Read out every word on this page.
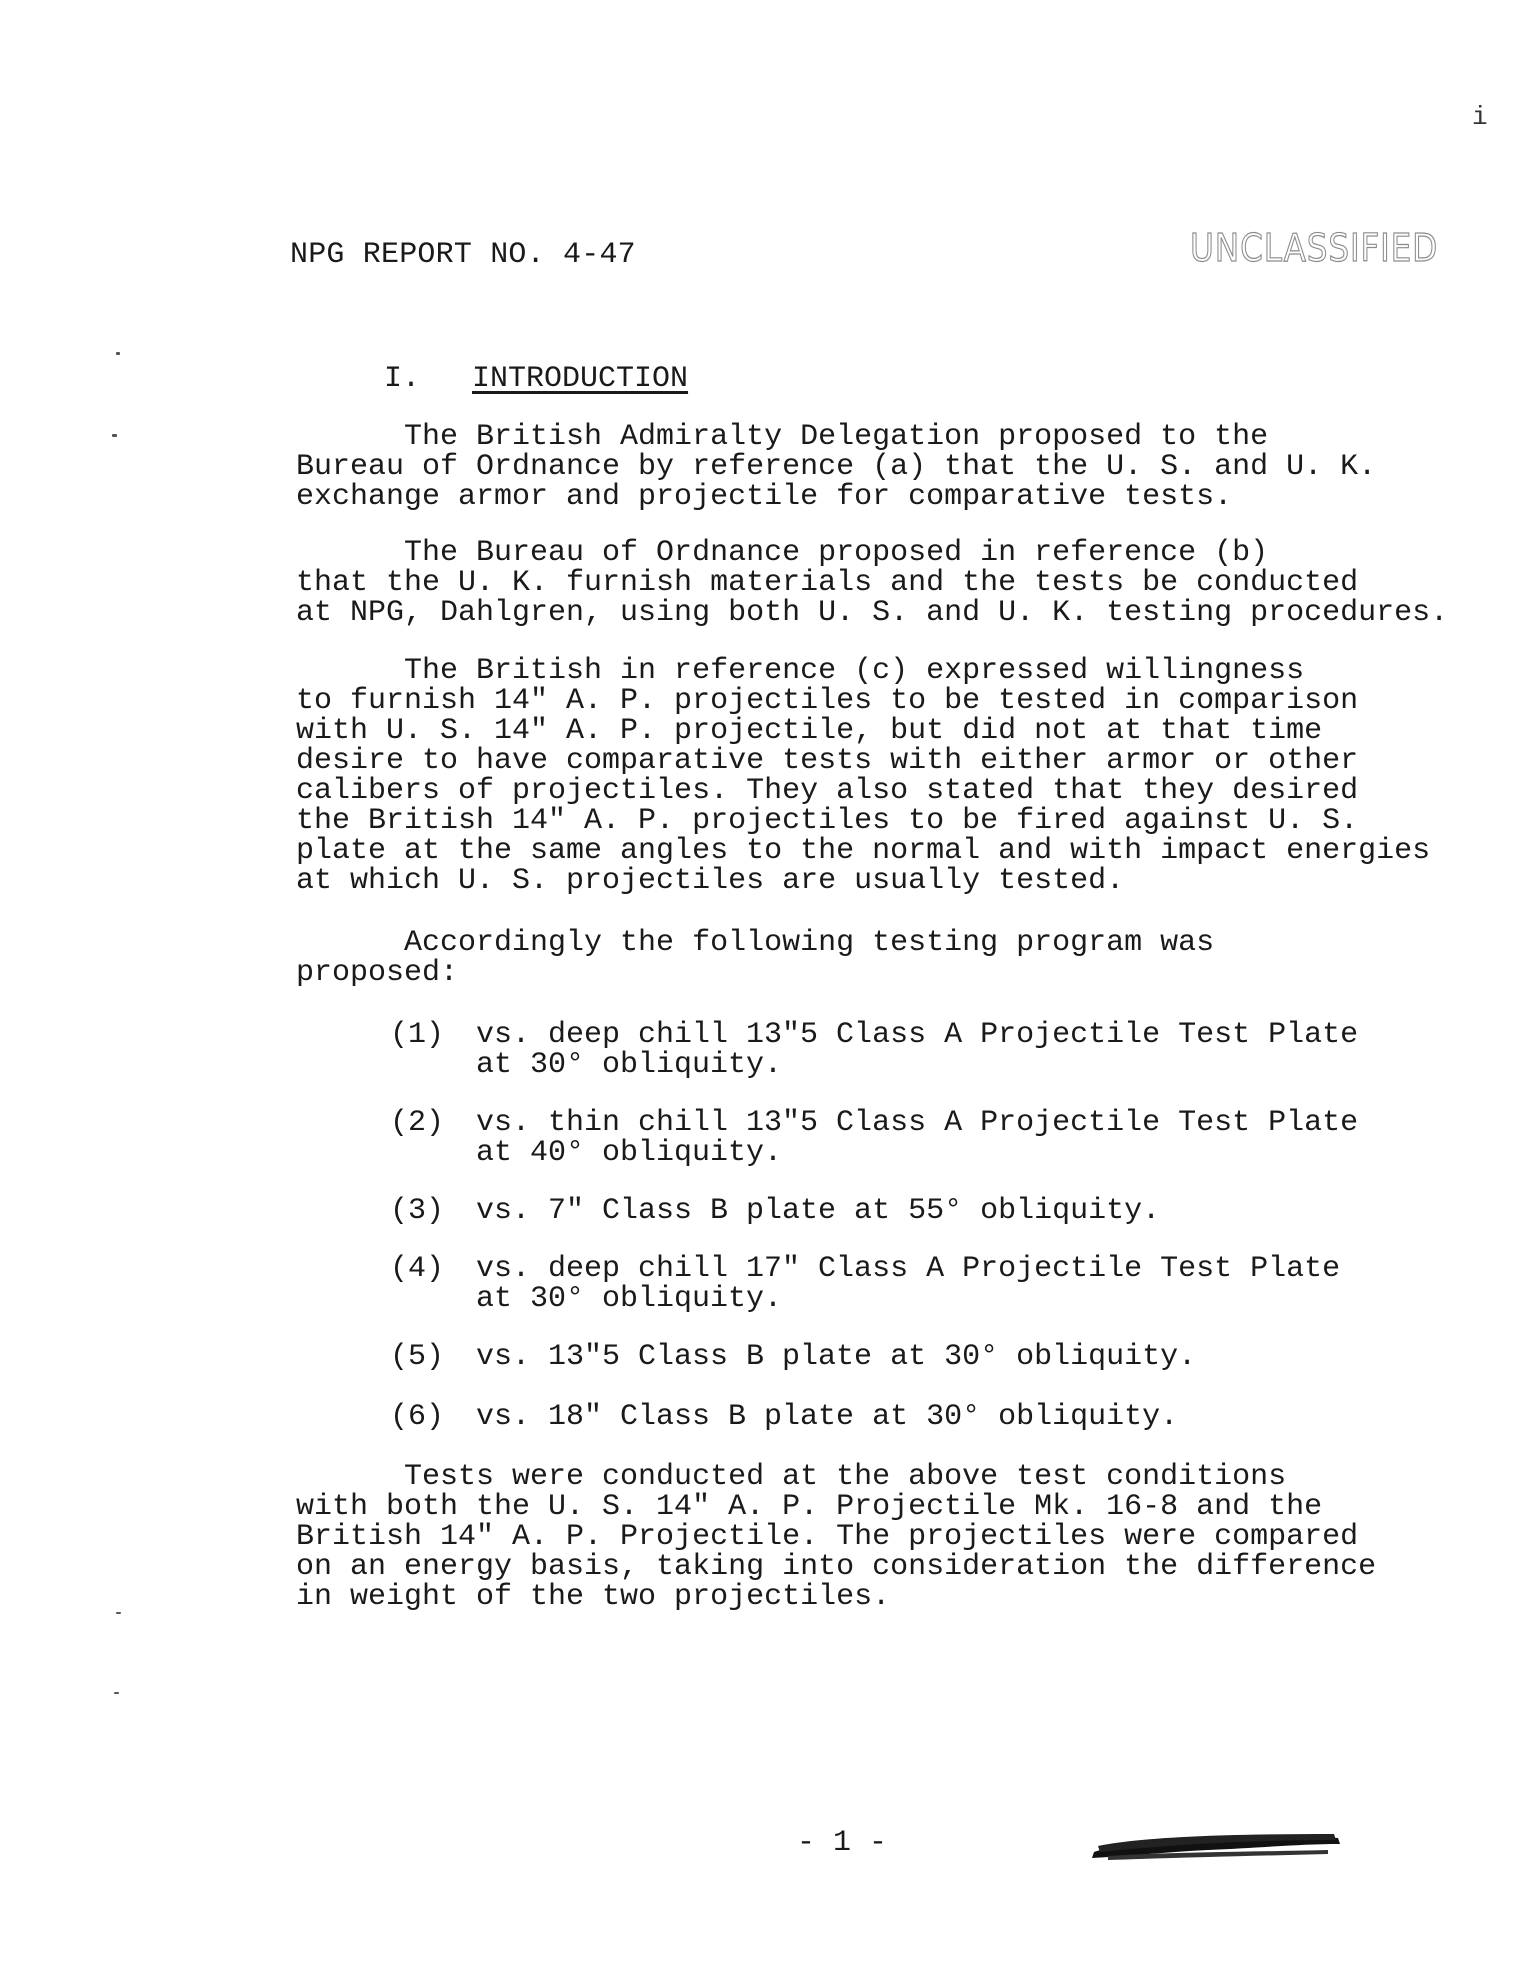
NPG REPORT NO. 4-47	UNCLASSIFIED
i
I. INTRODUCTION
The British Admiralty Delegation proposed to the
Bureau of Ordnance by reference (a) that the U. S. and U. K.
exchange armor and projectile for comparative tests.
The Bureau of Ordnance proposed in reference (b)
that the U. K. furnish materials and the tests be conducted
at NPG, Dahlgren, using both U. S. and U. K. testing procedures.
The British in reference (c) expressed willingness
to furnish 14" A. P. projectiles to be tested in comparison
with U. S. 14" A. P. projectile, but did not at that time
desire to have comparative tests with either armor or other
calibers of projectiles. They also stated that they desired
the British 14" A. P. projectiles to be fired against U. S.
plate at the same angles to the normal and with impact energies
at which U. S. projectiles are usually tested.
Accordingly the following testing program was
proposed:
(1) vs. deep chill 13"5 Class A Projectile Test Plate
at 30° obliquity.
(2) vs. thin chill 13"5 Class A Projectile Test Plate
at 40° obliquity.
(3) vs. 7" Class B plate at 55° obliquity.
(4) vs. deep chill 17" Class A Projectile Test Plate
at 30° obliquity.
(5) vs. 13"5 Class B plate at 30° obliquity.
(6) vs. 18" Class B plate at 30° obliquity.
Tests were conducted at the above test conditions
with both the U. S. 14" A. P. Projectile Mk. 16-8 and the
British 14" A. P. Projectile. The projectiles were compared
on an energy basis, taking into consideration the difference
in weight of the two projectiles.
- 1 -
